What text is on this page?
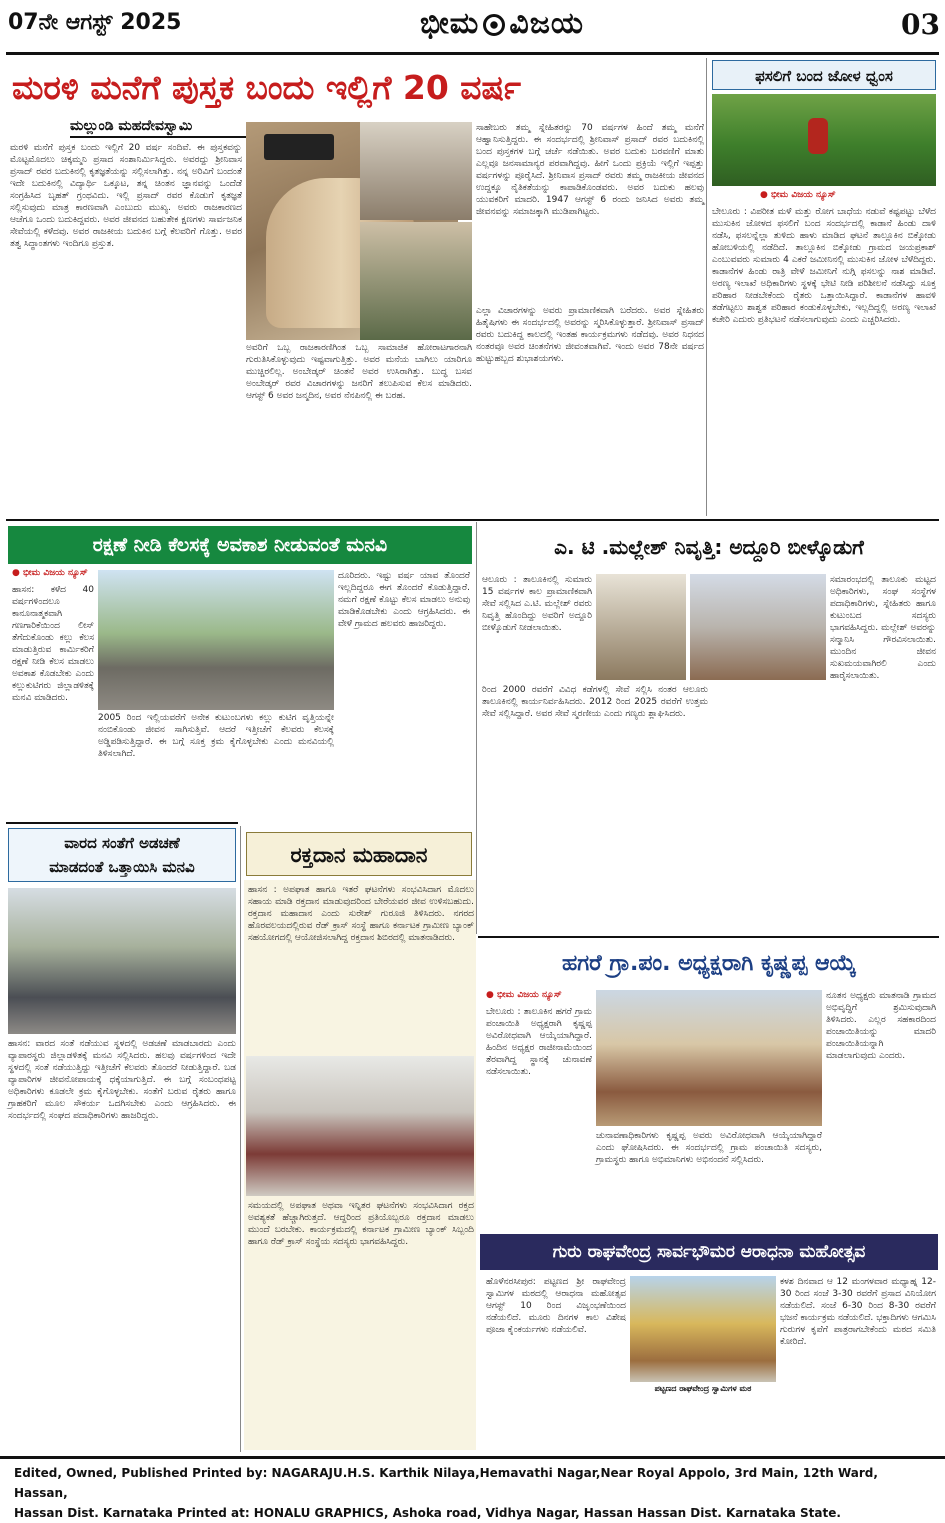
07ನೇ ಆಗಸ್ಟ್ 2025	ಭೀಮ ವಿಜಯ	03
ಮರಳಿ ಮನೆಗೆ ಪುಸ್ತಕ ಬಂದು ಇಲ್ಲಿಗೆ 20 ವರ್ಷ
ಮಲ್ಲುಂಡಿ ಮಹದೇವಸ್ವಾಮಿ
ಮರಳಿ ಮನೆಗೆ ಪುಸ್ತಕ ಬಂದು ಇಲ್ಲಿಗೆ 20 ವರ್ಷ ಸಂದಿವೆ. ಈ ಪುಸ್ತಕವನ್ನು ಮೊಟ್ಟಮೊದಲು ಚಿಕ್ಕಮ್ಮನಿ ಪ್ರಸಾದ ಸಂಶಾನಿರ್ಮಿಸಿದ್ದರು. ಅವರದ್ದು ಶ್ರೀನಿವಾಸ ಪ್ರಸಾದ್ ರವರ ಬದುಕಿನಲ್ಲಿ ಕೃತಜ್ಞತೆಯನ್ನು ಸಲ್ಲಿಸಲಾಗಿತ್ತು. ನನ್ನ ಅರಿವಿಗೆ ಬಂದಂತೆ ಇದೇ ಬದುಕಿನಲ್ಲಿ ವಿದ್ಯಾರ್ಥಿ ಒಕ್ಕೂಟ, ತನ್ನ ಚಿಂತನ ಜ್ಞಾನವನ್ನು ಒಂದೆಡೆ ಸಂಗ್ರಹಿಸಿದ ಬೃಹತ್ ಗ್ರಂಥವಿದು. ಇಲ್ಲಿ ಪ್ರಸಾದ್ ರವರ ಕೊಡುಗೆ ಕೃತಜ್ಞತೆ ಸಲ್ಲಿಸುವುದು ಮಾತ್ರ ಕಾರಣವಾಗಿ ಎಂಬುದು ಮುಖ್ಯ. ಅವರು ರಾಜಕಾರಣದ ಆಚೆಗೂ ಒಂದು ಬದುಕಿದ್ದವರು. ಅವರ ಜೀವನದ ಬಹುತೇಕ ಕ್ಷಣಗಳು ಸಾರ್ವಜನಿಕ ಸೇವೆಯಲ್ಲಿ ಕಳೆದವು. ಅವರ ರಾಜಕೀಯ ಬದುಕಿನ ಬಗ್ಗೆ ಕೆಲವರಿಗೆ ಗೊತ್ತು. ಅವರ ತತ್ವ ಸಿದ್ಧಾಂತಗಳು ಇಂದಿಗೂ ಪ್ರಸ್ತುತ.
ಅವರಿಗೆ ಒಬ್ಬ ರಾಜಕಾರಣಿಗಿಂತ ಒಬ್ಬ ಸಾಮಾಜಿಕ ಹೋರಾಟಗಾರನಾಗಿ ಗುರುತಿಸಿಕೊಳ್ಳುವುದು ಇಷ್ಟವಾಗುತ್ತಿತ್ತು. ಅವರ ಮನೆಯ ಬಾಗಿಲು ಯಾರಿಗೂ ಮುಚ್ಚಿರಲಿಲ್ಲ. ಅಂಬೇಡ್ಕರ್ ಚಿಂತನೆ ಅವರ ಉಸಿರಾಗಿತ್ತು. ಬುದ್ಧ ಬಸವ ಅಂಬೇಡ್ಕರ್ ರವರ ವಿಚಾರಗಳನ್ನು ಜನರಿಗೆ ತಲುಪಿಸುವ ಕೆಲಸ ಮಾಡಿದರು. ಆಗಸ್ಟ್ 6 ಅವರ ಜನ್ಮದಿನ, ಅವರ ನೆನಪಿನಲ್ಲಿ ಈ ಬರಹ.
ಸಾಹೇಬರು ತಮ್ಮ ಸ್ನೇಹಿತರನ್ನು 70 ವರ್ಷಗಳ ಹಿಂದೆ ತಮ್ಮ ಮನೆಗೆ ಆಹ್ವಾನಿಸುತ್ತಿದ್ದರು. ಈ ಸಂದರ್ಭದಲ್ಲಿ ಶ್ರೀನಿವಾಸ್ ಪ್ರಸಾದ್ ರವರ ಬದುಕಿನಲ್ಲಿ ಬಂದ ಪುಸ್ತಕಗಳ ಬಗ್ಗೆ ಚರ್ಚೆ ನಡೆಯಿತು. ಅವರ ಬದುಕು ಬರವಣಿಗೆ ಮಾತು ಎಲ್ಲವೂ ಜನಸಾಮಾನ್ಯರ ಪರವಾಗಿದ್ದವು. ಹೀಗೆ ಒಂದು ಪ್ರಕ್ರಿಯೆ ಇಲ್ಲಿಗೆ ಇಪ್ಪತ್ತು ವರ್ಷಗಳನ್ನು ಪೂರೈಸಿದೆ. ಶ್ರೀನಿವಾಸ ಪ್ರಸಾದ್ ರವರು ತಮ್ಮ ರಾಜಕೀಯ ಜೀವನದ ಉದ್ದಕ್ಕೂ ನೈತಿಕತೆಯನ್ನು ಕಾಪಾಡಿಕೊಂಡವರು. ಅವರ ಬದುಕು ಹಲವು ಯುವಕರಿಗೆ ಮಾದರಿ. 1947 ಆಗಸ್ಟ್ 6 ರಂದು ಜನಿಸಿದ ಅವರು ತಮ್ಮ ಜೀವನವನ್ನು ಸಮಾಜಕ್ಕಾಗಿ ಮುಡಿಪಾಗಿಟ್ಟರು.
ಎಲ್ಲಾ ವಿಚಾರಗಳನ್ನು ಅವರು ಪ್ರಾಮಾಣಿಕವಾಗಿ ಬರೆದರು. ಅವರ ಸ್ನೇಹಿತರು ಹಿತೈಷಿಗಳು ಈ ಸಂದರ್ಭದಲ್ಲಿ ಅವರನ್ನು ಸ್ಮರಿಸಿಕೊಳ್ಳುತ್ತಾರೆ. ಶ್ರೀನಿವಾಸ್ ಪ್ರಸಾದ್ ರವರು ಬದುಕಿದ್ದ ಕಾಲದಲ್ಲಿ ಇಂತಹ ಕಾರ್ಯಕ್ರಮಗಳು ನಡೆದವು. ಅವರ ನಿಧನದ ನಂತರವೂ ಅವರ ಚಿಂತನೆಗಳು ಜೀವಂತವಾಗಿವೆ. ಇಂದು ಅವರ 78ನೇ ವರ್ಷದ ಹುಟ್ಟುಹಬ್ಬದ ಶುಭಾಶಯಗಳು.
ಫಸಲಿಗೆ ಬಂದ ಜೋಳ ಧ್ವಂಸ
● ಭೀಮ ವಿಜಯ ನ್ಯೂಸ್
ಬೇಲೂರು : ವಿಪರೀತ ಮಳೆ ಮತ್ತು ರೋಗ ಬಾಧೆಯ ನಡುವೆ ಕಷ್ಟಪಟ್ಟು ಬೆಳೆದ ಮುಸುಕಿನ ಜೋಳದ ಫಸಲಿಗೆ ಬಂದ ಸಂದರ್ಭದಲ್ಲಿ ಕಾಡಾನೆ ಹಿಂಡು ದಾಳಿ ನಡೆಸಿ, ಫಸಲನ್ನೆಲ್ಲಾ ತುಳಿದು ಹಾಳು ಮಾಡಿದ ಘಟನೆ ತಾಲ್ಲೂಕಿನ ಬಿಕ್ಕೋಡು ಹೋಬಳಿಯಲ್ಲಿ ನಡೆದಿದೆ. ತಾಲ್ಲೂಕಿನ ಬಿಕ್ಕೋಡು ಗ್ರಾಮದ ಜಯಪ್ರಕಾಶ್ ಎಂಬುವವರು ಸುಮಾರು 4 ಎಕರೆ ಜಮೀನಿನಲ್ಲಿ ಮುಸುಕಿನ ಜೋಳ ಬೆಳೆದಿದ್ದರು. ಕಾಡಾನೆಗಳ ಹಿಂಡು ರಾತ್ರಿ ವೇಳೆ ಜಮೀನಿಗೆ ನುಗ್ಗಿ ಫಸಲನ್ನು ನಾಶ ಮಾಡಿವೆ. ಅರಣ್ಯ ಇಲಾಖೆ ಅಧಿಕಾರಿಗಳು ಸ್ಥಳಕ್ಕೆ ಭೇಟಿ ನೀಡಿ ಪರಿಶೀಲನೆ ನಡೆಸಿದ್ದು ಸೂಕ್ತ ಪರಿಹಾರ ನೀಡಬೇಕೆಂದು ರೈತರು ಒತ್ತಾಯಿಸಿದ್ದಾರೆ. ಕಾಡಾನೆಗಳ ಹಾವಳಿ ತಡೆಗಟ್ಟಲು ಶಾಶ್ವತ ಪರಿಹಾರ ಕಂಡುಕೊಳ್ಳಬೇಕು, ಇಲ್ಲದಿದ್ದಲ್ಲಿ ಅರಣ್ಯ ಇಲಾಖೆ ಕಚೇರಿ ಎದುರು ಪ್ರತಿಭಟನೆ ನಡೆಸಲಾಗುವುದು ಎಂದು ಎಚ್ಚರಿಸಿದರು.
ರಕ್ಷಣೆ ನೀಡಿ ಕೆಲಸಕ್ಕೆ ಅವಕಾಶ ನೀಡುವಂತೆ ಮನವಿ
● ಭೀಮ ವಿಜಯ ನ್ಯೂಸ್
ಹಾಸನ: ಕಳೆದ 40 ವರ್ಷಗಳಿಂದಲೂ ಕಾನೂನಾತ್ಮಕವಾಗಿ ಗಣಗಾರಿಕೆಯಿಂದ ಲೀಸ್ ತೆಗೆದುಕೊಂಡು ಕಲ್ಲು ಕೆಲಸ ಮಾಡುತ್ತಿರುವ ಕಾರ್ಮಿಕರಿಗೆ ರಕ್ಷಣೆ ನೀಡಿ ಕೆಲಸ ಮಾಡಲು ಅವಕಾಶ ಕೊಡಬೇಕು ಎಂದು ಕಲ್ಲುಕುಟಿಗರು ಜಿಲ್ಲಾಡಳಿತಕ್ಕೆ ಮನವಿ ಮಾಡಿದರು.
2005 ರಿಂದ ಇಲ್ಲಿಯವರೆಗೆ ಅನೇಕ ಕುಟುಂಬಗಳು ಕಲ್ಲು ಕುಟಿಗ ವೃತ್ತಿಯನ್ನೇ ನಂಬಿಕೊಂಡು ಜೀವನ ಸಾಗಿಸುತ್ತಿವೆ. ಆದರೆ ಇತ್ತೀಚೆಗೆ ಕೆಲವರು ಕೆಲಸಕ್ಕೆ ಅಡ್ಡಿಪಡಿಸುತ್ತಿದ್ದಾರೆ. ಈ ಬಗ್ಗೆ ಸೂಕ್ತ ಕ್ರಮ ಕೈಗೊಳ್ಳಬೇಕು ಎಂದು ಮನವಿಯಲ್ಲಿ ತಿಳಿಸಲಾಗಿದೆ.
ದೂರಿದರು. ಇಷ್ಟು ವರ್ಷ ಯಾವ ತೊಂದರೆ ಇಲ್ಲದಿದ್ದರೂ ಈಗ ತೊಂದರೆ ಕೊಡುತ್ತಿದ್ದಾರೆ. ನಮಗೆ ರಕ್ಷಣೆ ಕೊಟ್ಟು ಕೆಲಸ ಮಾಡಲು ಅನುವು ಮಾಡಿಕೊಡಬೇಕು ಎಂದು ಆಗ್ರಹಿಸಿದರು. ಈ ವೇಳೆ ಗ್ರಾಮದ ಹಲವರು ಹಾಜರಿದ್ದರು.
ಎ. ಟಿ .ಮಲ್ಲೇಶ್ ನಿವೃತ್ತಿ: ಅದ್ದೂರಿ ಬೀಳ್ಕೊಡುಗೆ
ಆಲೂರು : ತಾಲೂಕಿನಲ್ಲಿ ಸುಮಾರು 15 ವರ್ಷಗಳ ಕಾಲ ಪ್ರಾಮಾಣಿಕವಾಗಿ ಸೇವೆ ಸಲ್ಲಿಸಿದ ಎ.ಟಿ. ಮಲ್ಲೇಶ್ ರವರು ನಿವೃತ್ತಿ ಹೊಂದಿದ್ದು ಅವರಿಗೆ ಅದ್ದೂರಿ ಬೀಳ್ಕೊಡುಗೆ ನೀಡಲಾಯಿತು.
ರಿಂದ 2000 ರವರೆಗೆ ವಿವಿಧ ಕಡೆಗಳಲ್ಲಿ ಸೇವೆ ಸಲ್ಲಿಸಿ ನಂತರ ಆಲೂರು ತಾಲೂಕಿನಲ್ಲಿ ಕಾರ್ಯನಿರ್ವಹಿಸಿದರು. 2012 ರಿಂದ 2025 ರವರೆಗೆ ಉತ್ತಮ ಸೇವೆ ಸಲ್ಲಿಸಿದ್ದಾರೆ. ಅವರ ಸೇವೆ ಸ್ಮರಣೀಯ ಎಂದು ಗಣ್ಯರು ಶ್ಲಾಘಿಸಿದರು.
ಸಮಾರಂಭದಲ್ಲಿ ತಾಲೂಕು ಮಟ್ಟದ ಅಧಿಕಾರಿಗಳು, ಸಂಘ ಸಂಸ್ಥೆಗಳ ಪದಾಧಿಕಾರಿಗಳು, ಸ್ನೇಹಿತರು ಹಾಗೂ ಕುಟುಂಬದ ಸದಸ್ಯರು ಭಾಗವಹಿಸಿದ್ದರು. ಮಲ್ಲೇಶ್ ಅವರನ್ನು ಸನ್ಮಾನಿಸಿ ಗೌರವಿಸಲಾಯಿತು. ಮುಂದಿನ ಜೀವನ ಸುಖಮಯವಾಗಿರಲಿ ಎಂದು ಹಾರೈಸಲಾಯಿತು.
ವಾರದ ಸಂತೆಗೆ ಅಡಚಣೆ
ಮಾಡದಂತೆ ಒತ್ತಾಯಿಸಿ ಮನವಿ
ಹಾಸನ: ವಾರದ ಸಂತೆ ನಡೆಯುವ ಸ್ಥಳದಲ್ಲಿ ಅಡಚಣೆ ಮಾಡಬಾರದು ಎಂದು ವ್ಯಾಪಾರಸ್ಥರು ಜಿಲ್ಲಾಡಳಿತಕ್ಕೆ ಮನವಿ ಸಲ್ಲಿಸಿದರು. ಹಲವು ವರ್ಷಗಳಿಂದ ಇದೇ ಸ್ಥಳದಲ್ಲಿ ಸಂತೆ ನಡೆಯುತ್ತಿದ್ದು ಇತ್ತೀಚೆಗೆ ಕೆಲವರು ತೊಂದರೆ ನೀಡುತ್ತಿದ್ದಾರೆ. ಬಡ ವ್ಯಾಪಾರಿಗಳ ಜೀವನೋಪಾಯಕ್ಕೆ ಧಕ್ಕೆಯಾಗುತ್ತಿದೆ. ಈ ಬಗ್ಗೆ ಸಂಬಂಧಪಟ್ಟ ಅಧಿಕಾರಿಗಳು ಕೂಡಲೇ ಕ್ರಮ ಕೈಗೊಳ್ಳಬೇಕು. ಸಂತೆಗೆ ಬರುವ ರೈತರು ಹಾಗೂ ಗ್ರಾಹಕರಿಗೆ ಮೂಲ ಸೌಕರ್ಯ ಒದಗಿಸಬೇಕು ಎಂದು ಆಗ್ರಹಿಸಿದರು. ಈ ಸಂದರ್ಭದಲ್ಲಿ ಸಂಘದ ಪದಾಧಿಕಾರಿಗಳು ಹಾಜರಿದ್ದರು.
ರಕ್ತದಾನ ಮಹಾದಾನ
ಹಾಸನ : ಅಪಘಾತ ಹಾಗೂ ಇತರೆ ಘಟನೆಗಳು ಸಂಭವಿಸಿದಾಗ ಮೊದಲು ಸಹಾಯ ಮಾಡಿ ರಕ್ತದಾನ ಮಾಡುವುದರಿಂದ ಬೇರೆಯವರ ಜೀವ ಉಳಿಸಬಹುದು. ರಕ್ತದಾನ ಮಹಾದಾನ ಎಂದು ಸುರೇಶ್ ಗುರೂಜಿ ತಿಳಿಸಿದರು. ನಗರದ ಹೊರವಲಯದಲ್ಲಿರುವ ರೆಡ್ ಕ್ರಾಸ್ ಸಂಸ್ಥೆ ಹಾಗೂ ಕರ್ನಾಟಕ ಗ್ರಾಮೀಣ ಬ್ಯಾಂಕ್ ಸಹಯೋಗದಲ್ಲಿ ಆಯೋಜಿಸಲಾಗಿದ್ದ ರಕ್ತದಾನ ಶಿಬಿರದಲ್ಲಿ ಮಾತನಾಡಿದರು.
ಸಮಯದಲ್ಲಿ ಅಪಘಾತ ಅಥವಾ ಇನ್ನಿತರ ಘಟನೆಗಳು ಸಂಭವಿಸಿದಾಗ ರಕ್ತದ ಅವಶ್ಯಕತೆ ಹೆಚ್ಚಾಗಿರುತ್ತದೆ. ಆದ್ದರಿಂದ ಪ್ರತಿಯೊಬ್ಬರೂ ರಕ್ತದಾನ ಮಾಡಲು ಮುಂದೆ ಬರಬೇಕು. ಕಾರ್ಯಕ್ರಮದಲ್ಲಿ ಕರ್ನಾಟಕ ಗ್ರಾಮೀಣ ಬ್ಯಾಂಕ್ ಸಿಬ್ಬಂದಿ ಹಾಗೂ ರೆಡ್ ಕ್ರಾಸ್ ಸಂಸ್ಥೆಯ ಸದಸ್ಯರು ಭಾಗವಹಿಸಿದ್ದರು.
ಹಗರೆ ಗ್ರಾ.ಪಂ. ಅಧ್ಯಕ್ಷರಾಗಿ ಕೃಷ್ಣಪ್ಪ ಆಯ್ಕೆ
● ಭೀಮ ವಿಜಯ ನ್ಯೂಸ್
ಬೇಲೂರು : ತಾಲೂಕಿನ ಹಗರೆ ಗ್ರಾಮ ಪಂಚಾಯಿತಿ ಅಧ್ಯಕ್ಷರಾಗಿ ಕೃಷ್ಣಪ್ಪ ಅವಿರೋಧವಾಗಿ ಆಯ್ಕೆಯಾಗಿದ್ದಾರೆ. ಹಿಂದಿನ ಅಧ್ಯಕ್ಷರ ರಾಜೀನಾಮೆಯಿಂದ ತೆರವಾಗಿದ್ದ ಸ್ಥಾನಕ್ಕೆ ಚುನಾವಣೆ ನಡೆಸಲಾಯಿತು.
ಚುನಾವಣಾಧಿಕಾರಿಗಳು ಕೃಷ್ಣಪ್ಪ ಅವರು ಅವಿರೋಧವಾಗಿ ಆಯ್ಕೆಯಾಗಿದ್ದಾರೆ ಎಂದು ಘೋಷಿಸಿದರು. ಈ ಸಂದರ್ಭದಲ್ಲಿ ಗ್ರಾಮ ಪಂಚಾಯಿತಿ ಸದಸ್ಯರು, ಗ್ರಾಮಸ್ಥರು ಹಾಗೂ ಅಭಿಮಾನಿಗಳು ಅಭಿನಂದನೆ ಸಲ್ಲಿಸಿದರು.
ನೂತನ ಅಧ್ಯಕ್ಷರು ಮಾತನಾಡಿ ಗ್ರಾಮದ ಅಭಿವೃದ್ಧಿಗೆ ಶ್ರಮಿಸುವುದಾಗಿ ತಿಳಿಸಿದರು. ಎಲ್ಲರ ಸಹಕಾರದಿಂದ ಪಂಚಾಯಿತಿಯನ್ನು ಮಾದರಿ ಪಂಚಾಯಿತಿಯನ್ನಾಗಿ ಮಾಡಲಾಗುವುದು ಎಂದರು.
ಗುರು ರಾಘವೇಂದ್ರ ಸಾರ್ವಭೌಮರ ಆರಾಧನಾ ಮಹೋತ್ಸವ
ಹೊಳೆನರಸೀಪುರ: ಪಟ್ಟಣದ ಶ್ರೀ ರಾಘವೇಂದ್ರ ಸ್ವಾಮಿಗಳ ಮಠದಲ್ಲಿ ಆರಾಧನಾ ಮಹೋತ್ಸವ ಆಗಸ್ಟ್ 10 ರಿಂದ ವಿಜೃಂಭಣೆಯಿಂದ ನಡೆಯಲಿದೆ. ಮೂರು ದಿನಗಳ ಕಾಲ ವಿಶೇಷ ಪೂಜಾ ಕೈಂಕರ್ಯಗಳು ನಡೆಯಲಿವೆ.
ಪಟ್ಟಣದ ರಾಘವೇಂದ್ರ ಸ್ವಾಮಿಗಳ ಮಠ
ಕಳಶ ದಿನವಾದ ಆ 12 ಮಂಗಳವಾರ ಮಧ್ಯಾಹ್ನ 12-30 ರಿಂದ ಸಂಜೆ 3-30 ರವರೆಗೆ ಪ್ರಸಾದ ವಿನಿಯೋಗ ನಡೆಯಲಿದೆ. ಸಂಜೆ 6-30 ರಿಂದ 8-30 ರವರೆಗೆ ಭಜನೆ ಕಾರ್ಯಕ್ರಮ ನಡೆಯಲಿದೆ. ಭಕ್ತಾದಿಗಳು ಆಗಮಿಸಿ ಗುರುಗಳ ಕೃಪೆಗೆ ಪಾತ್ರರಾಗಬೇಕೆಂದು ಮಠದ ಸಮಿತಿ ಕೋರಿದೆ.
Edited, Owned, Published Printed by: NAGARAJU.H.S. Karthik Nilaya,Hemavathi Nagar,Near Royal Appolo, 3rd Main, 12th Ward, Hassan,
Hassan Dist. Karnataka Printed at: HONALU GRAPHICS, Ashoka road, Vidhya Nagar, Hassan Hassan Dist. Karnataka State.
